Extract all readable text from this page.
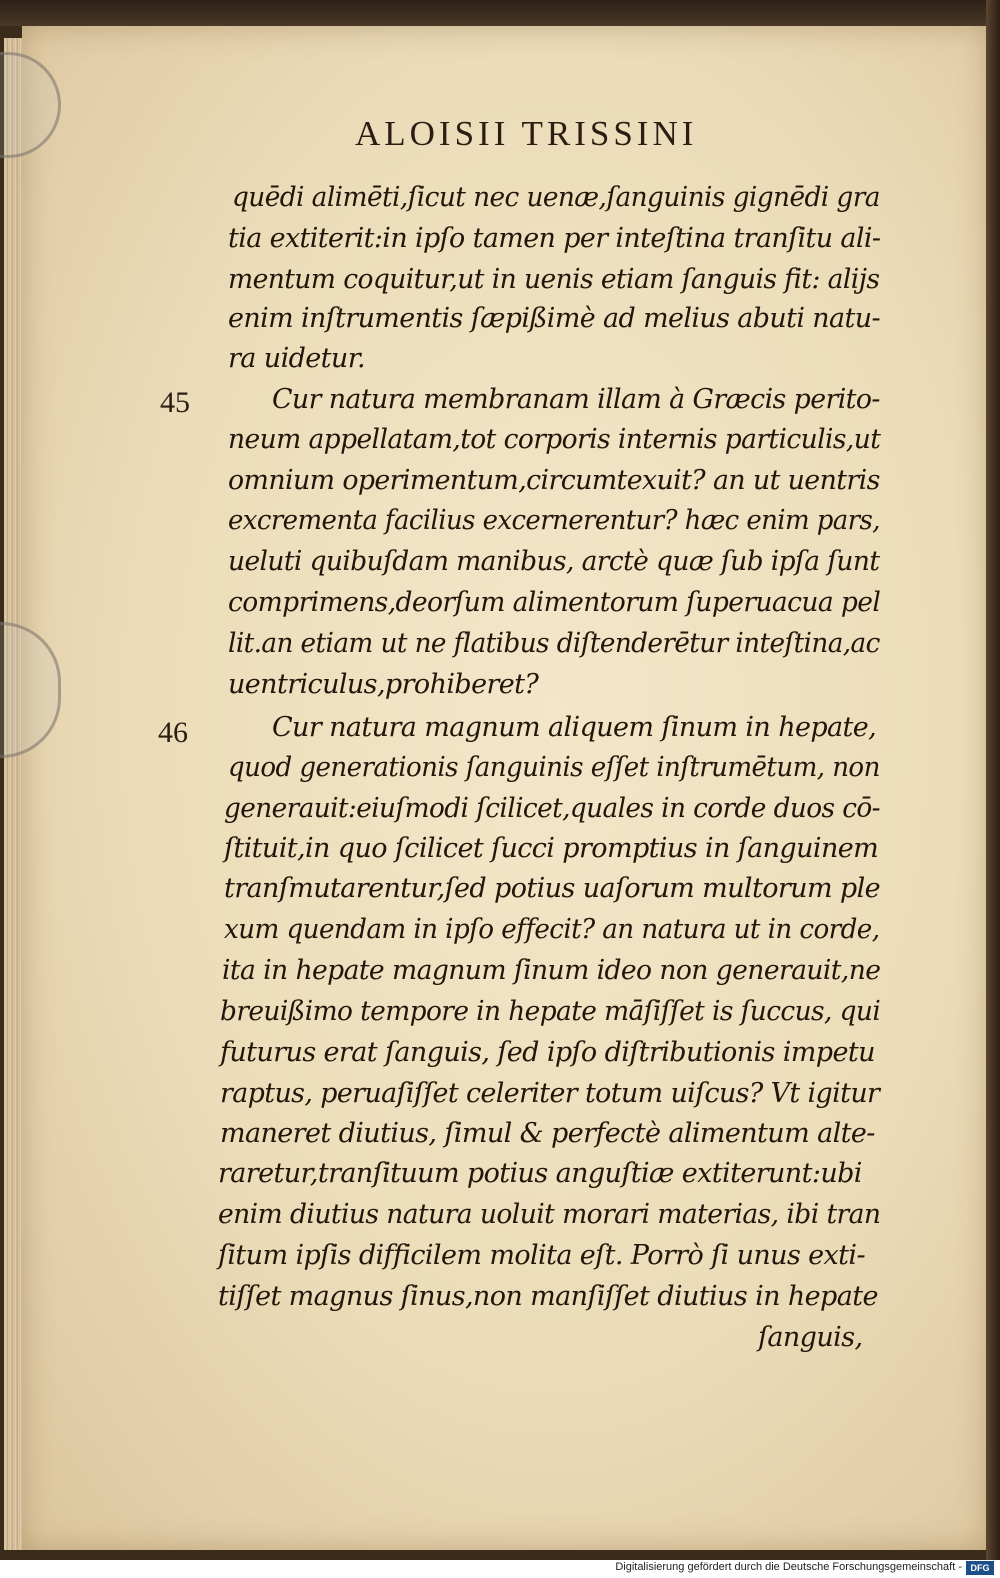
ALOISII TRISSINI
45
46
quēdi alimēti,ſicut nec uenæ,ſanguinis gignēdi gra
tia extiterit:in ipſo tamen per inteſtina tranſitu ali-
mentum coquitur,ut in uenis etiam ſanguis fit: alijs
enim inſtrumentis ſæpißimè ad melius abuti natu-
ra uidetur.
Cur natura membranam illam à Græcis perito-
neum appellatam,tot corporis internis particulis,ut
omnium operimentum,circumtexuit? an ut uentris
excrementa facilius excernerentur? hæc enim pars,
ueluti quibuſdam manibus, arctè quæ ſub ipſa ſunt
comprimens,deorſum alimentorum ſuperuacua pel
lit.an etiam ut ne flatibus diſtenderētur inteſtina,ac
uentriculus,prohiberet?
Cur natura magnum aliquem ſinum in hepate,
quod generationis ſanguinis eſſet inſtrumētum, non
generauit:eiuſmodi ſcilicet,quales in corde duos cō-
ſtituit,in quo ſcilicet ſucci promptius in ſanguinem
tranſmutarentur,ſed potius uaſorum multorum ple
xum quendam in ipſo effecit? an natura ut in corde,
ita in hepate magnum ſinum ideo non generauit,ne
breuißimo tempore in hepate māſiſſet is ſuccus, qui
futurus erat ſanguis, ſed ipſo diſtributionis impetu
raptus, peruaſiſſet celeriter totum uiſcus? Vt igitur
maneret diutius, ſimul & perfectè alimentum alte-
raretur,tranſituum potius anguſtiæ extiterunt:ubi
enim diutius natura uoluit morari materias, ibi tran
ſitum ipſis difficilem molita eſt. Porrò ſi unus exti-
tiſſet magnus ſinus,non manſiſſet diutius in hepate
ſanguis,
Digitalisierung gefördert durch die Deutsche Forschungsgemeinschaft - DFG
